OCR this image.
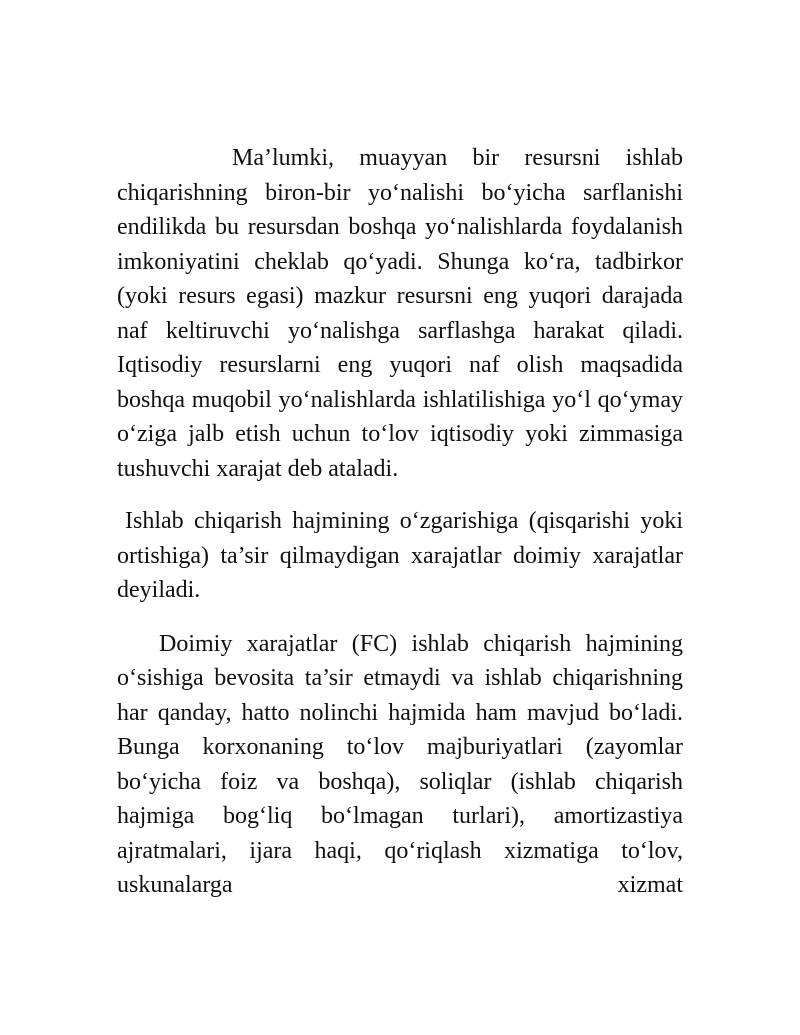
Ma’lumki, muayyan bir resursni ishlab chiqarishning biron-bir yo‘nalishi bo‘yicha sarflanishi endilikda bu resursdan boshqa yo‘nalishlarda foydalanish imkoniyatini cheklab qo‘yadi. Shunga ko‘ra, tadbirkor (yoki resurs egasi) mazkur resursni eng yuqori darajada naf keltiruvchi yo‘nalishga sarflashga harakat qiladi. Iqtisodiy resurslarni eng yuqori naf olish maqsadida boshqa muqobil yo‘nalishlarda ishlatilishiga yo‘l qo‘ymay o‘ziga jalb etish uchun to‘lov iqtisodiy yoki zimmasiga tushuvchi xarajat deb ataladi.

Ishlab chiqarish hajmining o‘zgarishiga (qisqarishi yoki ortishiga) ta’sir qilmaydigan xarajatlar doimiy xarajatlar deyiladi.

Doimiy xarajatlar (FC) ishlab chiqarish hajmining o‘sishiga bevosita ta’sir etmaydi va ishlab chiqarishning har qanday, hatto nolinchi hajmida ham mavjud bo‘ladi. Bunga korxonaning to‘lov majburiyatlari (zayomlar bo‘yicha foiz va boshqa), soliqlar (ishlab chiqarish hajmiga bog‘liq bo‘lmagan turlari), amortizastiya ajratmalari, ijara haqi, qo‘riqlash xizmatiga to‘lov, uskunalarga xizmat
